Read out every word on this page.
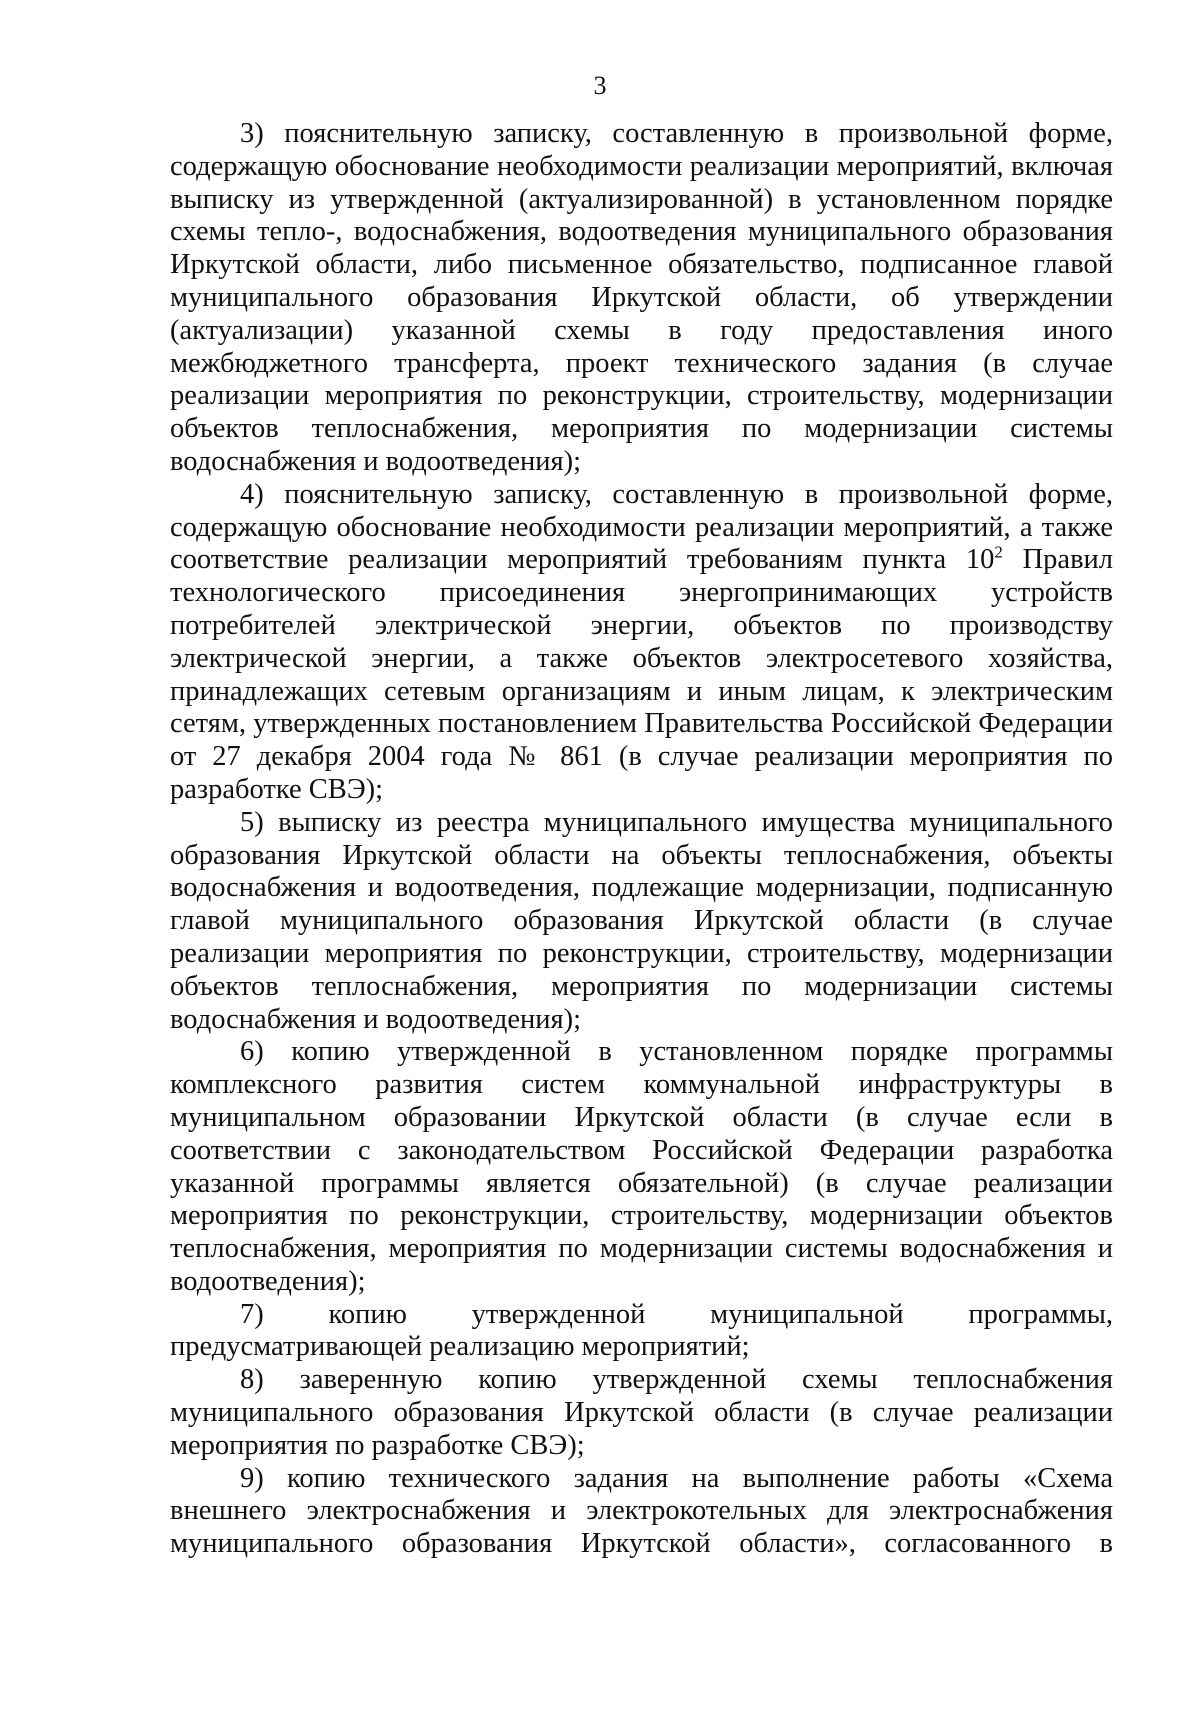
3

3) пояснительную записку, составленную в произвольной форме, содержащую обоснование необходимости реализации мероприятий, включая выписку из утвержденной (актуализированной) в установленном порядке схемы тепло-, водоснабжения, водоотведения муниципального образования Иркутской области, либо письменное обязательство, подписанное главой муниципального образования Иркутской области, об утверждении (актуализации) указанной схемы в году предоставления иного межбюджетного трансферта, проект технического задания (в случае реализации мероприятия по реконструкции, строительству, модернизации объектов теплоснабжения, мероприятия по модернизации системы водоснабжения и водоотведения);

4) пояснительную записку, составленную в произвольной форме, содержащую обоснование необходимости реализации мероприятий, а также соответствие реализации мероприятий требованиям пункта $10^2$ Правил технологического присоединения энергопринимающих устройств потребителей электрической энергии, объектов по производству электрической энергии, а также объектов электросетевого хозяйства, принадлежащих сетевым организациям и иным лицам, к электрическим сетям, утвержденных постановлением Правительства Российской Федерации от 27 декабря 2004 года № 861 (в случае реализации мероприятия по разработке СВЭ);

5) выписку из реестра муниципального имущества муниципального образования Иркутской области на объекты теплоснабжения, объекты водоснабжения и водоотведения, подлежащие модернизации, подписанную главой муниципального образования Иркутской области (в случае реализации мероприятия по реконструкции, строительству, модернизации объектов теплоснабжения, мероприятия по модернизации системы водоснабжения и водоотведения);

6) копию утвержденной в установленном порядке программы комплексного развития систем коммунальной инфраструктуры в муниципальном образовании Иркутской области (в случае если в соответствии с законодательством Российской Федерации разработка указанной программы является обязательной) (в случае реализации мероприятия по реконструкции, строительству, модернизации объектов теплоснабжения, мероприятия по модернизации системы водоснабжения и водоотведения);

7) копию утвержденной муниципальной программы, предусматривающей реализацию мероприятий;

8) заверенную копию утвержденной схемы теплоснабжения муниципального образования Иркутской области (в случае реализации мероприятия по разработке СВЭ);

9) копию технического задания на выполнение работы «Схема внешнего электроснабжения и электрокотельных для электроснабжения муниципального образования Иркутской области», согласованного в
